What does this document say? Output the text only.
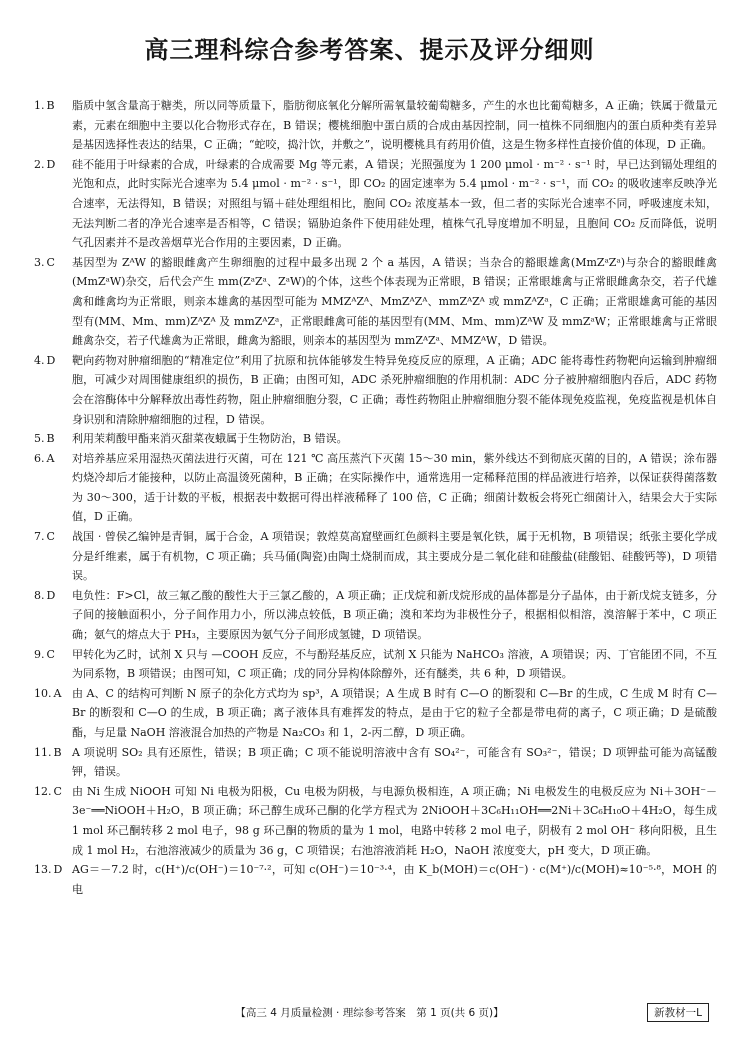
高三理科综合参考答案、提示及评分细则
1. B	脂质中氢含量高于糖类，所以同等质量下，脂肪彻底氧化分解所需氧量较葡萄糖多，产生的水也比葡萄糖多，A 正确；铁属于微量元素，元素在细胞中主要以化合物形式存在，B 错误；樱桃细胞中蛋白质的合成由基因控制，同一植株不同细胞内的蛋白质种类有差异是基因选择性表达的结果，C 正确；“蛇咬，捣汁饮，并敷之”，说明樱桃具有药用价值，这是生物多样性直接价值的体现，D 正确。
2. D	硅不能用于叶绿素的合成，叶绿素的合成需要 Mg 等元素，A 错误；光照强度为 1 200 μmol · m⁻² · s⁻¹ 时，早已达到镉处理组的光饱和点，此时实际光合速率为 5.4 μmol · m⁻² · s⁻¹，即 CO₂ 的固定速率为 5.4 μmol · m⁻² · s⁻¹，而 CO₂ 的吸收速率反映净光合速率，无法得知，B 错误；对照组与镉＋硅处理组相比，胞间 CO₂ 浓度基本一致，但二者的实际光合速率不同，呼吸速度未知，无法判断二者的净光合速率是否相等，C 错误；镉胁迫条件下使用硅处理，植株气孔导度增加不明显，且胞间 CO₂ 反而降低，说明气孔因素并不是改善烟草光合作用的主要因素，D 正确。
3. C	基因型为 ZᴬW 的豁眼雌禽产生卵细胞的过程中最多出现 2 个 a 基因，A 错误；当杂合的豁眼雄禽(MmZᵃZᵃ)与杂合的豁眼雌禽(MmZᵃW)杂交，后代会产生 mm(ZᵃZᵃ、ZᵃW)的个体，这些个体表现为正常眼，B 错误；正常眼雄禽与正常眼雌禽杂交，若子代雄禽和雌禽均为正常眼，则亲本雄禽的基因型可能为 MMZᴬZᴬ、MmZᴬZᴬ、mmZᴬZᴬ 或 mmZᴬZᵃ，C 正确；正常眼雄禽可能的基因型有(MM、Mm、mm)ZᴬZᴬ 及 mmZᴬZᵃ，正常眼雌禽可能的基因型有(MM、Mm、mm)ZᴬW 及 mmZᵃW；正常眼雄禽与正常眼雌禽杂交，若子代雄禽为正常眼，雌禽为豁眼，则亲本的基因型为 mmZᴬZᵃ、MMZᴬW，D 错误。
4. D	靶向药物对肿瘤细胞的“精准定位”利用了抗原和抗体能够发生特异免疫反应的原理，A 正确；ADC 能将毒性药物靶向运输到肿瘤细胞，可减少对周围健康组织的损伤，B 正确；由图可知，ADC 杀死肿瘤细胞的作用机制：ADC 分子被肿瘤细胞内吞后，ADC 药物会在溶酶体中分解释放出毒性药物，阻止肿瘤细胞分裂，C 正确；毒性药物阻止肿瘤细胞分裂不能体现免疫监视，免疫监视是机体自身识别和清除肿瘤细胞的过程，D 错误。
5. B	利用茉莉酸甲酯来消灭甜菜夜蛾属于生物防治，B 错误。
6. A	对培养基应采用湿热灭菌法进行灭菌，可在 121 ℃ 高压蒸汽下灭菌 15～30 min，紫外线达不到彻底灭菌的目的，A 错误；涂布器灼烧冷却后才能接种，以防止高温烫死菌种，B 正确；在实际操作中，通常选用一定稀释范围的样品液进行培养，以保证获得菌落数为 30～300，适于计数的平板，根据表中数据可得出样液稀释了 100 倍，C 正确；细菌计数板会将死亡细菌计入，结果会大于实际值，D 正确。
7. C	战国 · 曾侯乙编钟是青铜，属于合金，A 项错误；敦煌莫高窟壁画红色颜料主要是氧化铁，属于无机物，B 项错误；纸张主要化学成分是纤维素，属于有机物，C 项正确；兵马俑(陶瓷)由陶土烧制而成，其主要成分是二氧化硅和硅酸盐(硅酸铝、硅酸钙等)，D 项错误。
8. D	电负性：F>Cl，故三氟乙酸的酸性大于三氯乙酸的，A 项正确；正戊烷和新戊烷形成的晶体都是分子晶体，由于新戊烷支链多，分子间的接触面积小，分子间作用力小，所以沸点较低，B 项正确；溴和苯均为非极性分子，根据相似相溶，溴溶解于苯中，C 项正确；氨气的熔点大于 PH₃，主要原因为氨气分子间形成氢键，D 项错误。
9. C	甲转化为乙时，试剂 X 只与 —COOH 反应，不与酚羟基反应，试剂 X 只能为 NaHCO₃ 溶液，A 项错误；丙、丁官能团不同，不互为同系物，B 项错误；由图可知，C 项正确；戊的同分异构体除醇外，还有醚类，共 6 种，D 项错误。
10. A 由 A、C 的结构可判断 N 原子的杂化方式均为 sp³，A 项错误；A 生成 B 时有 C—O 的断裂和 C—Br 的生成，C 生成 M 时有 C—Br 的断裂和 C—O 的生成，B 项正确；离子液体具有难挥发的特点，是由于它的粒子全都是带电荷的离子，C 项正确；D 是硫酸酯，与足量 NaOH 溶液混合加热的产物是 Na₂CO₃ 和 1，2-丙二醇，D 项正确。
11. B A 项说明 SO₂ 具有还原性，错误；B 项正确；C 项不能说明溶液中含有 SO₄²⁻，可能含有 SO₃²⁻，错误；D 项钾盐可能为高锰酸钾，错误。
12. C 由 Ni 生成 NiOOH 可知 Ni 电极为阳极，Cu 电极为阴极，与电源负极相连，A 项正确；Ni 电极发生的电极反应为 Ni＋3OH⁻－3e⁻══NiOOH＋H₂O，B 项正确；环己醇生成环己酮的化学方程式为 2NiOOH＋3C₆H₁₁OH══2Ni＋3C₆H₁₀O＋4H₂O，每生成 1 mol 环己酮转移 2 mol 电子，98 g 环己酮的物质的量为 1 mol，电路中转移 2 mol 电子，阴极有 2 mol OH⁻ 移向阳极，且生成 1 mol H₂，右池溶液减少的质量为 36 g，C 项错误；右池溶液消耗 H₂O，NaOH 浓度变大，pH 变大，D 项正确。
13. D AG＝－7.2 时，c(H⁺)/c(OH⁻)＝10⁻⁷·²，可知 c(OH⁻)＝10⁻³·⁴，由 K_b(MOH)＝c(OH⁻) · c(M⁺)/c(MOH)≈10⁻⁵·⁸，MOH 的电
【高三 4 月质量检测 · 理综参考答案　第 1 页(共 6 页)】	新教材一L
